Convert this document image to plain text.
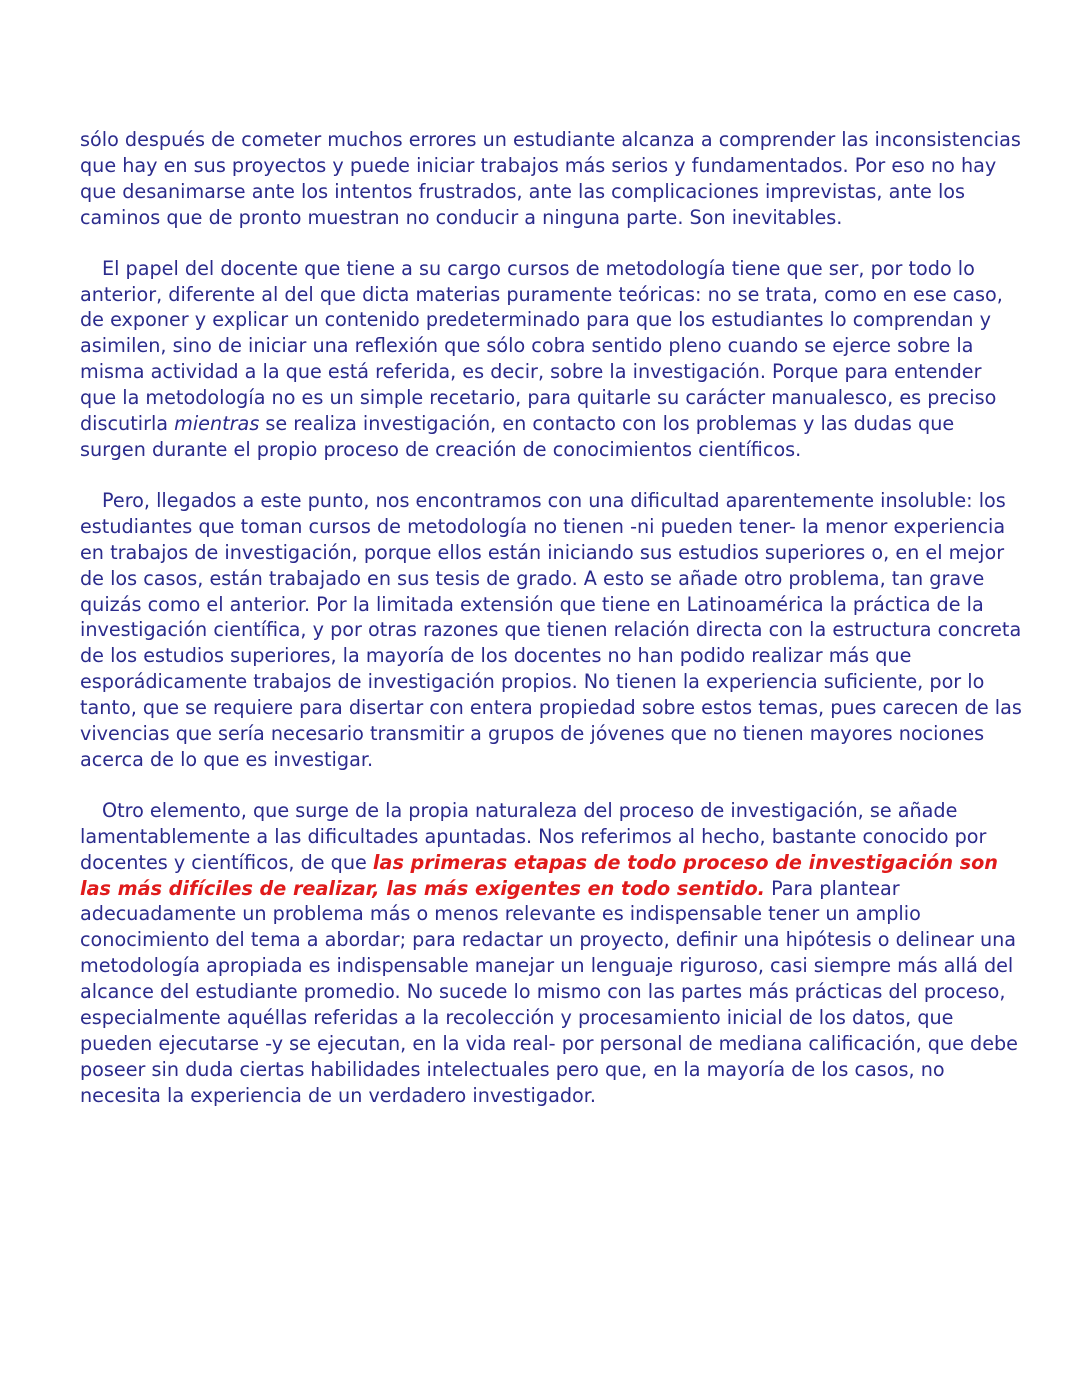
sólo después de cometer muchos errores un estudiante alcanza a comprender las inconsistencias que hay en sus proyectos y puede iniciar trabajos más serios y fundamentados. Por eso no hay que desanimarse ante los intentos frustrados, ante las complicaciones imprevistas, ante los caminos que de pronto muestran no conducir a ninguna parte. Son inevitables.

El papel del docente que tiene a su cargo cursos de metodología tiene que ser, por todo lo anterior, diferente al del que dicta materias puramente teóricas: no se trata, como en ese caso, de exponer y explicar un contenido predeterminado para que los estudiantes lo comprendan y asimilen, sino de iniciar una reflexión que sólo cobra sentido pleno cuando se ejerce sobre la misma actividad a la que está referida, es decir, sobre la investigación. Porque para entender que la metodología no es un simple recetario, para quitarle su carácter manualesco, es preciso discutirla mientras se realiza investigación, en contacto con los problemas y las dudas que surgen durante el propio proceso de creación de conocimientos científicos.

Pero, llegados a este punto, nos encontramos con una dificultad aparentemente insoluble: los estudiantes que toman cursos de metodología no tienen -ni pueden tener- la menor experiencia en trabajos de investigación, porque ellos están iniciando sus estudios superiores o, en el mejor de los casos, están trabajado en sus tesis de grado. A esto se añade otro problema, tan grave quizás como el anterior. Por la limitada extensión que tiene en Latinoamérica la práctica de la investigación científica, y por otras razones que tienen relación directa con la estructura concreta de los estudios superiores, la mayoría de los docentes no han podido realizar más que esporádicamente trabajos de investigación propios. No tienen la experiencia suficiente, por lo tanto, que se requiere para disertar con entera propiedad sobre estos temas, pues carecen de las vivencias que sería necesario transmitir a grupos de jóvenes que no tienen mayores nociones acerca de lo que es investigar.

Otro elemento, que surge de la propia naturaleza del proceso de investigación, se añade lamentablemente a las dificultades apuntadas. Nos referimos al hecho, bastante conocido por docentes y científicos, de que las primeras etapas de todo proceso de investigación son las más difíciles de realizar, las más exigentes en todo sentido. Para plantear adecuadamente un problema más o menos relevante es indispensable tener un amplio conocimiento del tema a abordar; para redactar un proyecto, definir una hipótesis o delinear una metodología apropiada es indispensable manejar un lenguaje riguroso, casi siempre más allá del alcance del estudiante promedio. No sucede lo mismo con las partes más prácticas del proceso, especialmente aquéllas referidas a la recolección y procesamiento inicial de los datos, que pueden ejecutarse -y se ejecutan, en la vida real- por personal de mediana calificación, que debe poseer sin duda ciertas habilidades intelectuales pero que, en la mayoría de los casos, no necesita la experiencia de un verdadero investigador.
